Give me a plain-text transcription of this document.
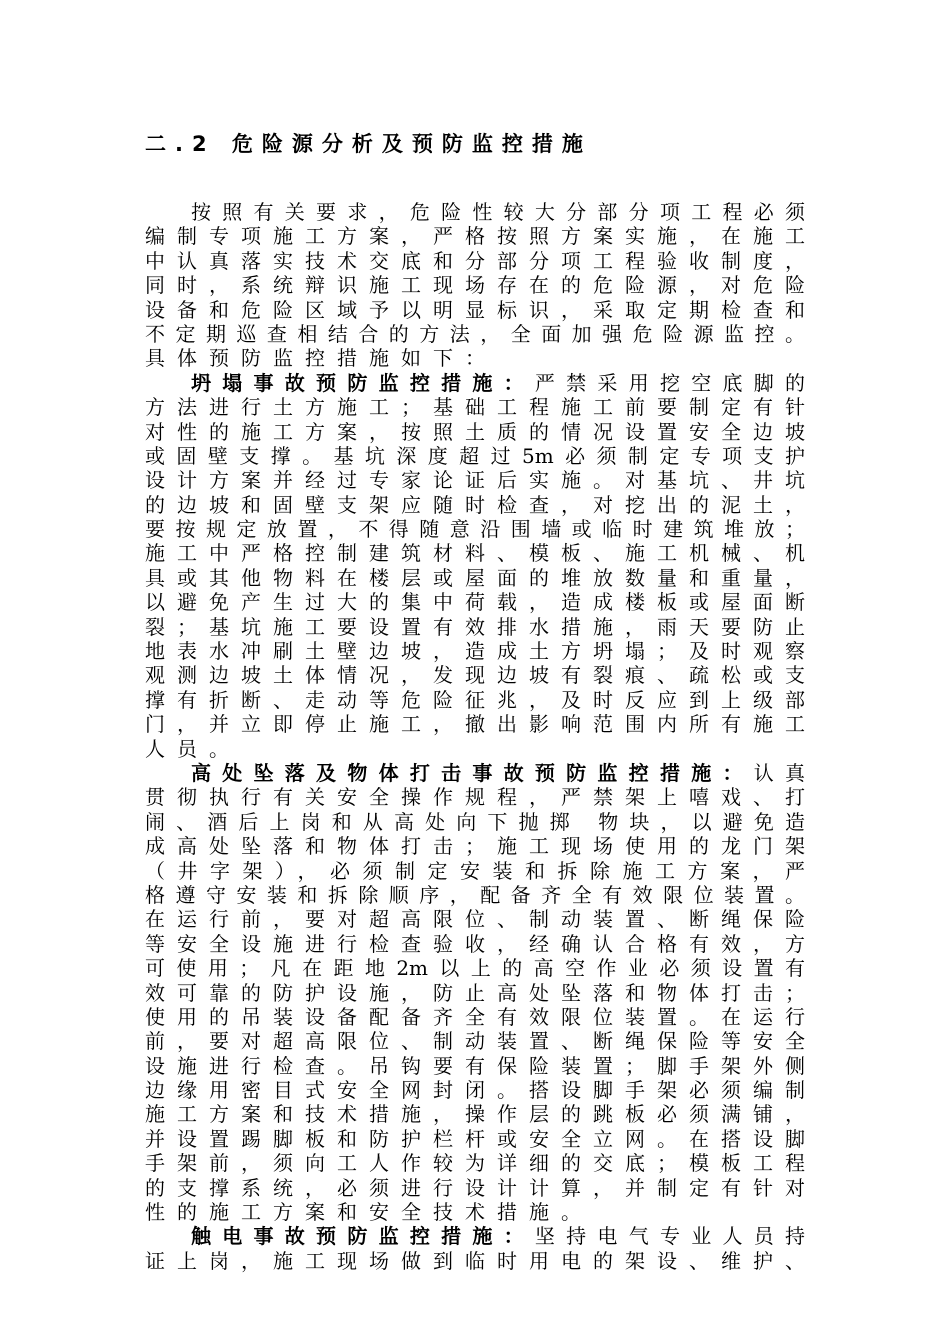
二.2 危险源分析及预防监控措施
按照有关要求，危险性较大分部分项工程必须
编制专项施工方案，严格按照方案实施，在施工
中认真落实技术交底和分部分项工程验收制度，
同时，系统辩识施工现场存在的危险源，对危险
设备和危险区域予以明显标识，采取定期检查和
不定期巡查相结合的方法，全面加强危险源监控。
具体预防监控措施如下：
坍塌事故预防监控措施：严禁采用挖空底脚的
方法进行土方施工；基础工程施工前要制定有针
对性的施工方案，按照土质的情况设置安全边坡
或固壁支撑。基坑深度超过5m必须制定专项支护
设计方案并经过专家论证后实施。对基坑、井坑
的边坡和固壁支架应随时检查，对挖出的泥土，
要按规定放置，不得随意沿围墙或临时建筑堆放；
施工中严格控制建筑材料、模板、施工机械、机
具或其他物料在楼层或屋面的堆放数量和重量，
以避免产生过大的集中荷载，造成楼板或屋面断
裂；基坑施工要设置有效排水措施，雨天要防止
地表水冲刷土壁边坡，造成土方坍塌；及时观察
观测边坡土体情况，发现边坡有裂痕、疏松或支
撑有折断、走动等危险征兆，及时反应到上级部
门，并立即停止施工，撤出影响范围内所有施工
人员。
高处坠落及物体打击事故预防监控措施：认真
贯彻执行有关安全操作规程，严禁架上嘻戏、打
闹、酒后上岗和从高处向下抛掷 物块，以避免造
成高处坠落和物体打击；施工现场使用的龙门架
（井字架），必须制定安装和拆除施工方案，严
格遵守安装和拆除顺序，配备齐全有效限位装置。
在运行前，要对超高限位、制动装置、断绳保险
等安全设施进行检查验收，经确认合格有效，方
可使用；凡在距地2m以上的高空作业必须设置有
效可靠的防护设施，防止高处坠落和物体打击；
使用的吊装设备配备齐全有效限位装置。在运行
前，要对超高限位、制动装置、断绳保险等安全
设施进行检查。吊钩要有保险装置；脚手架外侧
边缘用密目式安全网封闭。搭设脚手架必须编制
施工方案和技术措施，操作层的跳板必须满铺，
并设置踢脚板和防护栏杆或安全立网。在搭设脚
手架前，须向工人作较为详细的交底；模板工程
的支撑系统，必须进行设计计算，并制定有针对
性的施工方案和安全技术措施。
触电事故预防监控措施：坚持电气专业人员持
证上岗，施工现场做到临时用电的架设、维护、
